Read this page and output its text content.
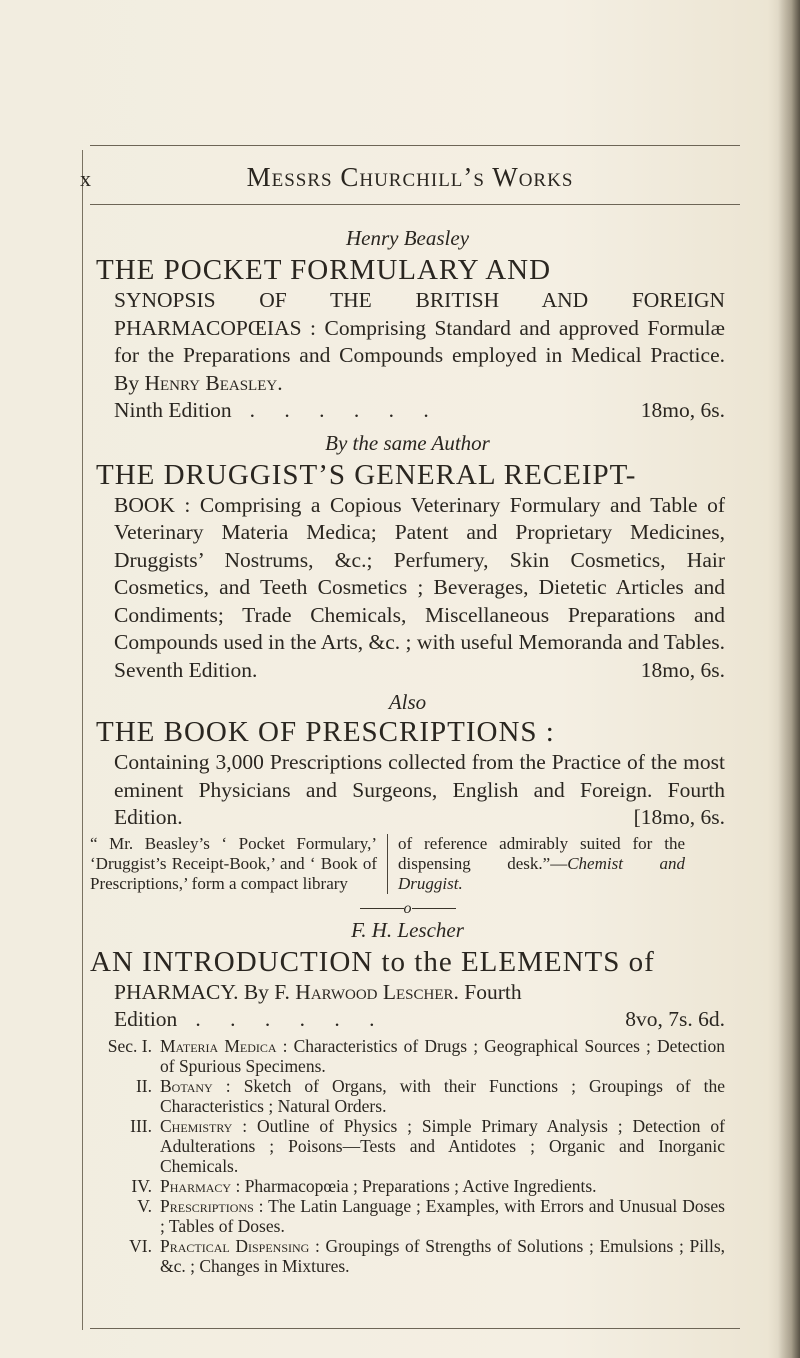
x	Messrs Churchill’s Works

Henry Beasley

THE POCKET FORMULARY AND

SYNOPSIS OF THE BRITISH AND FOREIGN PHARMACOPŒIAS : Comprising Standard and approved Formulæ for the Preparations and Compounds employed in Medical Practice. By Henry Beasley.

Ninth Edition . . . . . .	18mo, 6s.

By the same Author

THE DRUGGIST’S GENERAL RECEIPT-

BOOK : Comprising a Copious Veterinary Formulary and Table of Veterinary Materia Medica; Patent and Proprietary Medicines, Druggists’ Nostrums, &c.; Perfumery, Skin Cosmetics, Hair Cosmetics, and Teeth Cosmetics ; Beverages, Dietetic Articles and Condiments; Trade Chemicals, Miscellaneous Preparations and Compounds used in the Arts, &c. ; with useful Memoranda and Tables. Seventh Edition.	18mo, 6s.

Also

THE BOOK OF PRESCRIPTIONS :

Containing 3,000 Prescriptions collected from the Practice of the most eminent Physicians and Surgeons, English and Foreign. Fourth Edition.	[18mo, 6s.

“ Mr. Beasley’s ‘ Pocket Formulary,’ ‘Druggist’s Receipt-Book,’ and ‘ Book of Prescriptions,’ form a compact library
of reference admirably suited for the dispensing desk.”—Chemist and Druggist.
o

F. H. Lescher

AN INTRODUCTION to the ELEMENTS of

PHARMACY. By F. Harwood Lescher. Fourth

Edition . . . . . .	8vo, 7s. 6d.
Sec. I. Materia Medica : Characteristics of Drugs ; Geographical Sources ; Detection of Spurious Specimens.
II. Botany : Sketch of Organs, with their Functions ; Groupings of the Characteristics ; Natural Orders.
III. Chemistry : Outline of Physics ; Simple Primary Analysis ; Detection of Adulterations ; Poisons—Tests and Antidotes ; Organic and Inorganic Chemicals.
IV. Pharmacy : Pharmacopœia ; Preparations ; Active Ingredients.
V. Prescriptions : The Latin Language ; Examples, with Errors and Unusual Doses ; Tables of Doses.
VI. Practical Dispensing : Groupings of Strengths of Solutions ; Emulsions ; Pills, &c. ; Changes in Mixtures.
